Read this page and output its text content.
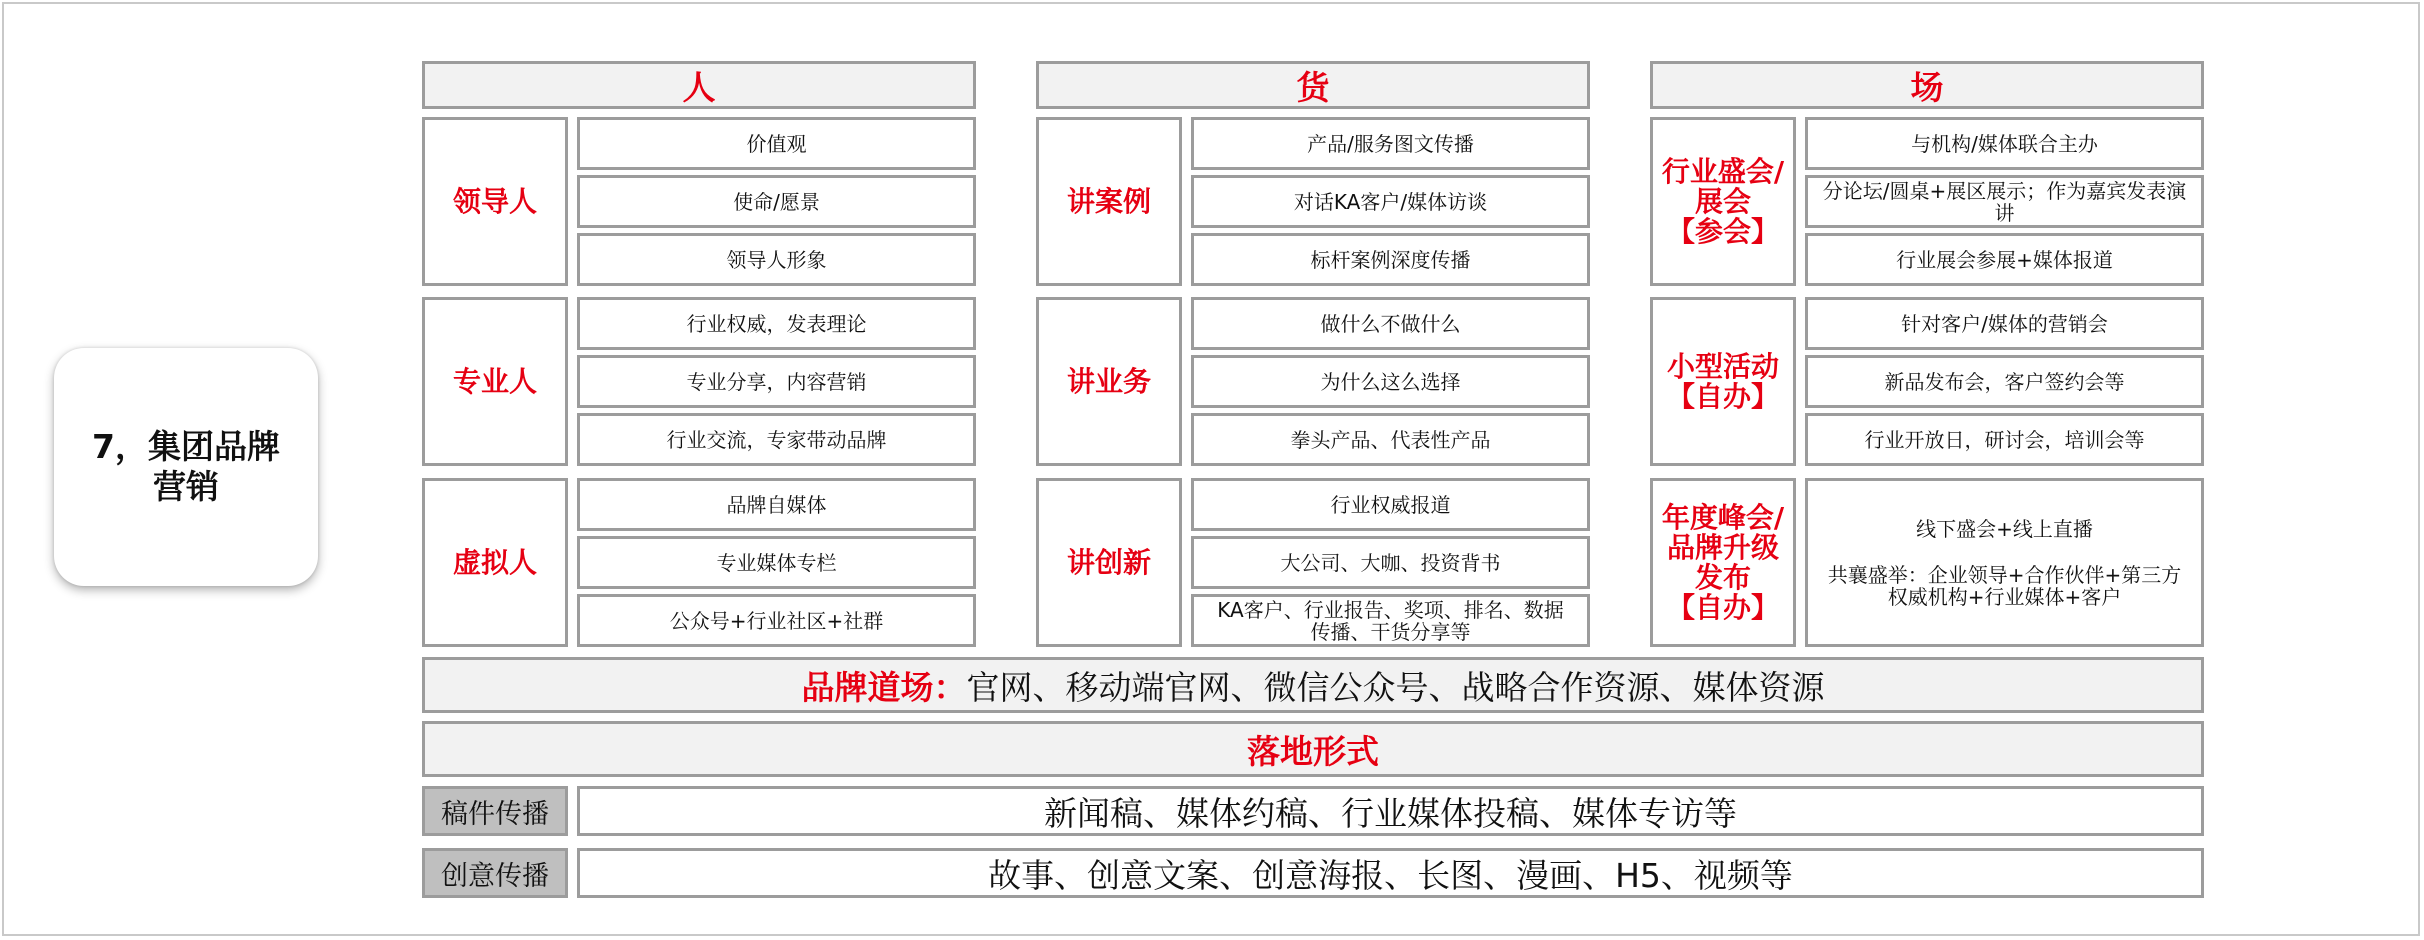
7，集团品牌
营销
人
领导人
价值观
使命/愿景
领导人形象
专业人
行业权威，发表理论
专业分享，内容营销
行业交流，专家带动品牌
虚拟人
品牌自媒体
专业媒体专栏
公众号+行业社区+社群
货
讲案例
产品/服务图文传播
对话KA客户/媒体访谈
标杆案例深度传播
讲业务
做什么不做什么
为什么这么选择
拳头产品、代表性产品
讲创新
行业权威报道
大公司、大咖、投资背书
KA客户、行业报告、奖项、排名、数据传播、干货分享等
场
行业盛会/
展会
【参会】
与机构/媒体联合主办
分论坛/圆桌+展区展示；作为嘉宾发表演讲
行业展会参展+媒体报道
小型活动
【自办】
针对客户/媒体的营销会
新品发布会，客户签约会等
行业开放日，研讨会，培训会等
年度峰会/
品牌升级
发布
【自办】
线下盛会+线上直播
共襄盛举：企业领导+合作伙伴+第三方权威机构+行业媒体+客户
品牌道场： 官网、移动端官网、微信公众号、战略合作资源、媒体资源
落地形式
稿件传播	新闻稿、媒体约稿、行业媒体投稿、媒体专访等
创意传播	故事、创意文案、创意海报、长图、漫画、H5、视频等
